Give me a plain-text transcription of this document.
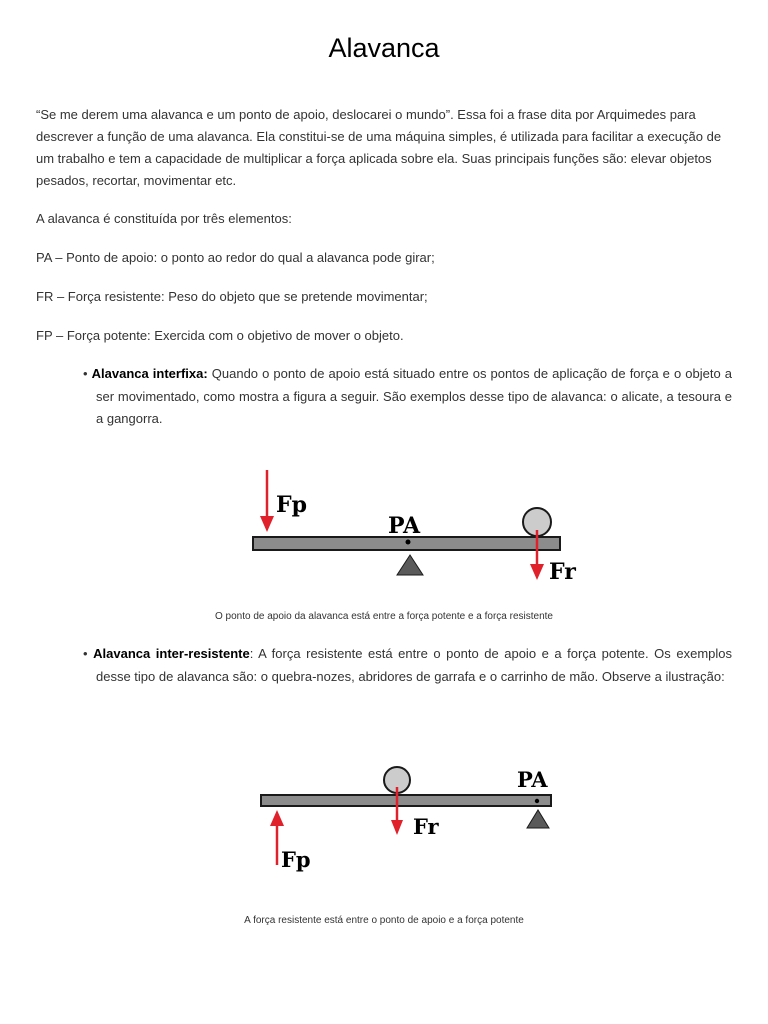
Alavanca

“Se me derem uma alavanca e um ponto de apoio, deslocarei o mundo”. Essa foi a frase dita por Arquimedes para descrever a função de uma alavanca. Ela constitui-se de uma máquina simples, é utilizada para facilitar a execução de um trabalho e tem a capacidade de multiplicar a força aplicada sobre ela. Suas principais funções são: elevar objetos pesados, recortar, movimentar etc.

A alavanca é constituída por três elementos:

PA – Ponto de apoio: o ponto ao redor do qual a alavanca pode girar;

FR – Força resistente: Peso do objeto que se pretende movimentar;

FP – Força potente: Exercida com o objetivo de mover o objeto.

• Alavanca interfixa: Quando o ponto de apoio está situado entre os pontos de aplicação de força e o objeto a ser movimentado, como mostra a figura a seguir. São exemplos desse tipo de alavanca: o alicate, a tesoura e a gangorra.
Fp
PA
Fr
O ponto de apoio da alavanca está entre a força potente e a força resistente
• Alavanca inter-resistente: A força resistente está entre o ponto de apoio e a força potente. Os exemplos desse tipo de alavanca são: o quebra-nozes, abridores de garrafa e o carrinho de mão. Observe a ilustração:
PA
Fr
Fp
A força resistente está entre o ponto de apoio e a força potente
